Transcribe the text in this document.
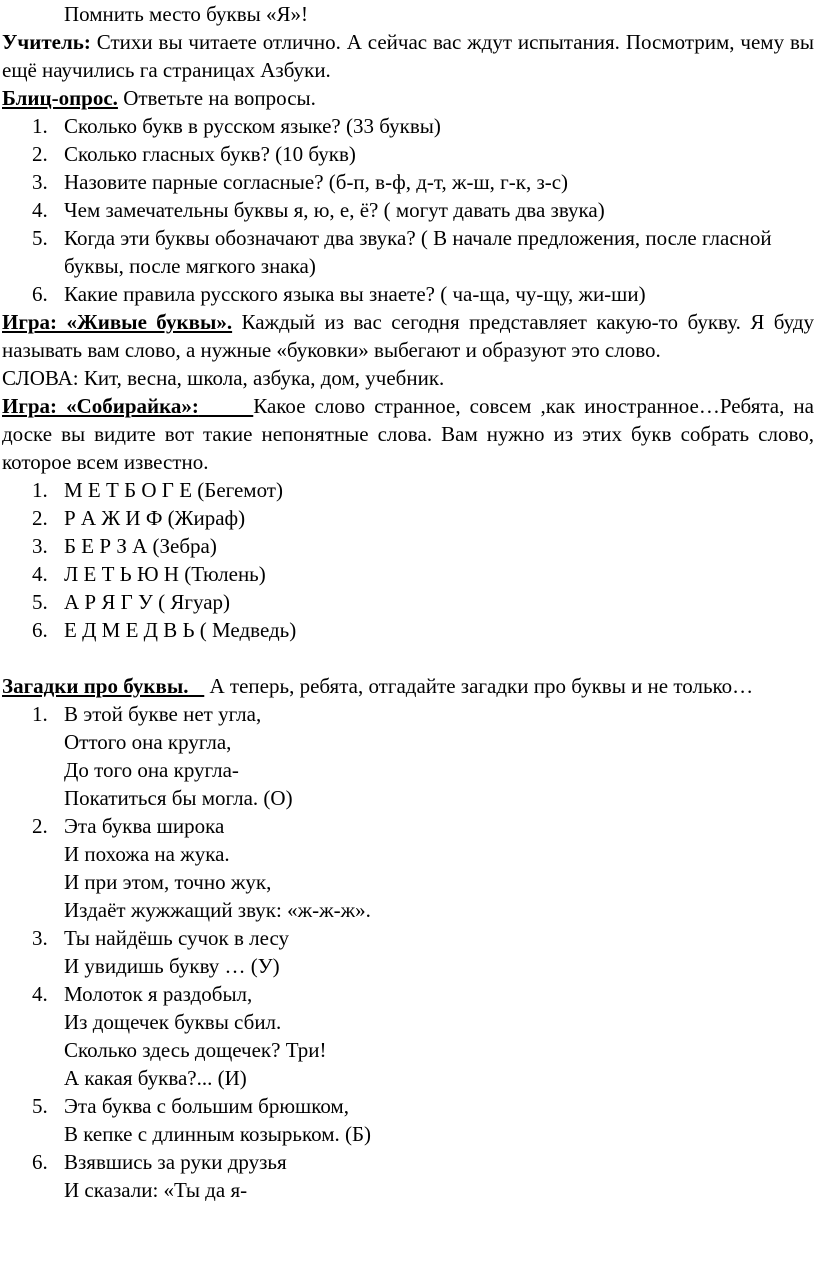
Помнить место буквы «Я»!

Учитель: Стихи вы читаете отлично. А сейчас вас ждут испытания. Посмотрим, чему вы ещё научились га страницах Азбуки.

Блиц-опрос. Ответьте на вопросы.

1. Сколько букв в русском языке? (33 буквы)
2. Сколько гласных букв? (10 букв)
3. Назовите парные согласные? (б-п, в-ф, д-т, ж-ш, г-к, з-с)
4. Чем замечательны буквы я, ю, е, ё? ( могут давать два звука)
5. Когда эти буквы обозначают два звука? ( В начале предложения, после гласной буквы, после мягкого знака)
6. Какие правила русского языка вы знаете? ( ча-ща, чу-щу, жи-ши)

Игра: «Живые буквы». Каждый из вас сегодня представляет какую-то букву. Я буду называть вам слово, а нужные «буковки» выбегают и образуют это слово.

СЛОВА: Кит, весна, школа, азбука, дом, учебник.

Игра: «Собирайка»:	Какое слово странное, совсем ,как иностранное…Ребята, на доске вы видите вот такие непонятные слова. Вам нужно из этих букв собрать слово, которое всем известно.

1. М Е Т Б О Г Е (Бегемот)
2. Р А Ж И Ф (Жираф)
3. Б Е Р З А (Зебра)
4. Л Е Т Ь Ю Н (Тюлень)
5. А Р Я Г У ( Ягуар)
6. Е Д М Е Д В Ь ( Медведь)

Загадки про буквы. А теперь, ребята, отгадайте загадки про буквы и не только…

1. В этой букве нет угла,
Оттого она кругла,
До того она кругла-
Покатиться бы могла. (О)
2. Эта буква широка
И похожа на жука.
И при этом, точно жук,
Издаёт жужжащий звук: «ж-ж-ж».
3. Ты найдёшь сучок в лесу
И увидишь букву … (У)
4. Молоток я раздобыл,
Из дощечек буквы сбил.
Сколько здесь дощечек? Три!
А какая буква?... (И)
5. Эта буква с большим брюшком,
В кепке с длинным козырьком. (Б)
6. Взявшись за руки друзья
И сказали: «Ты да я-
